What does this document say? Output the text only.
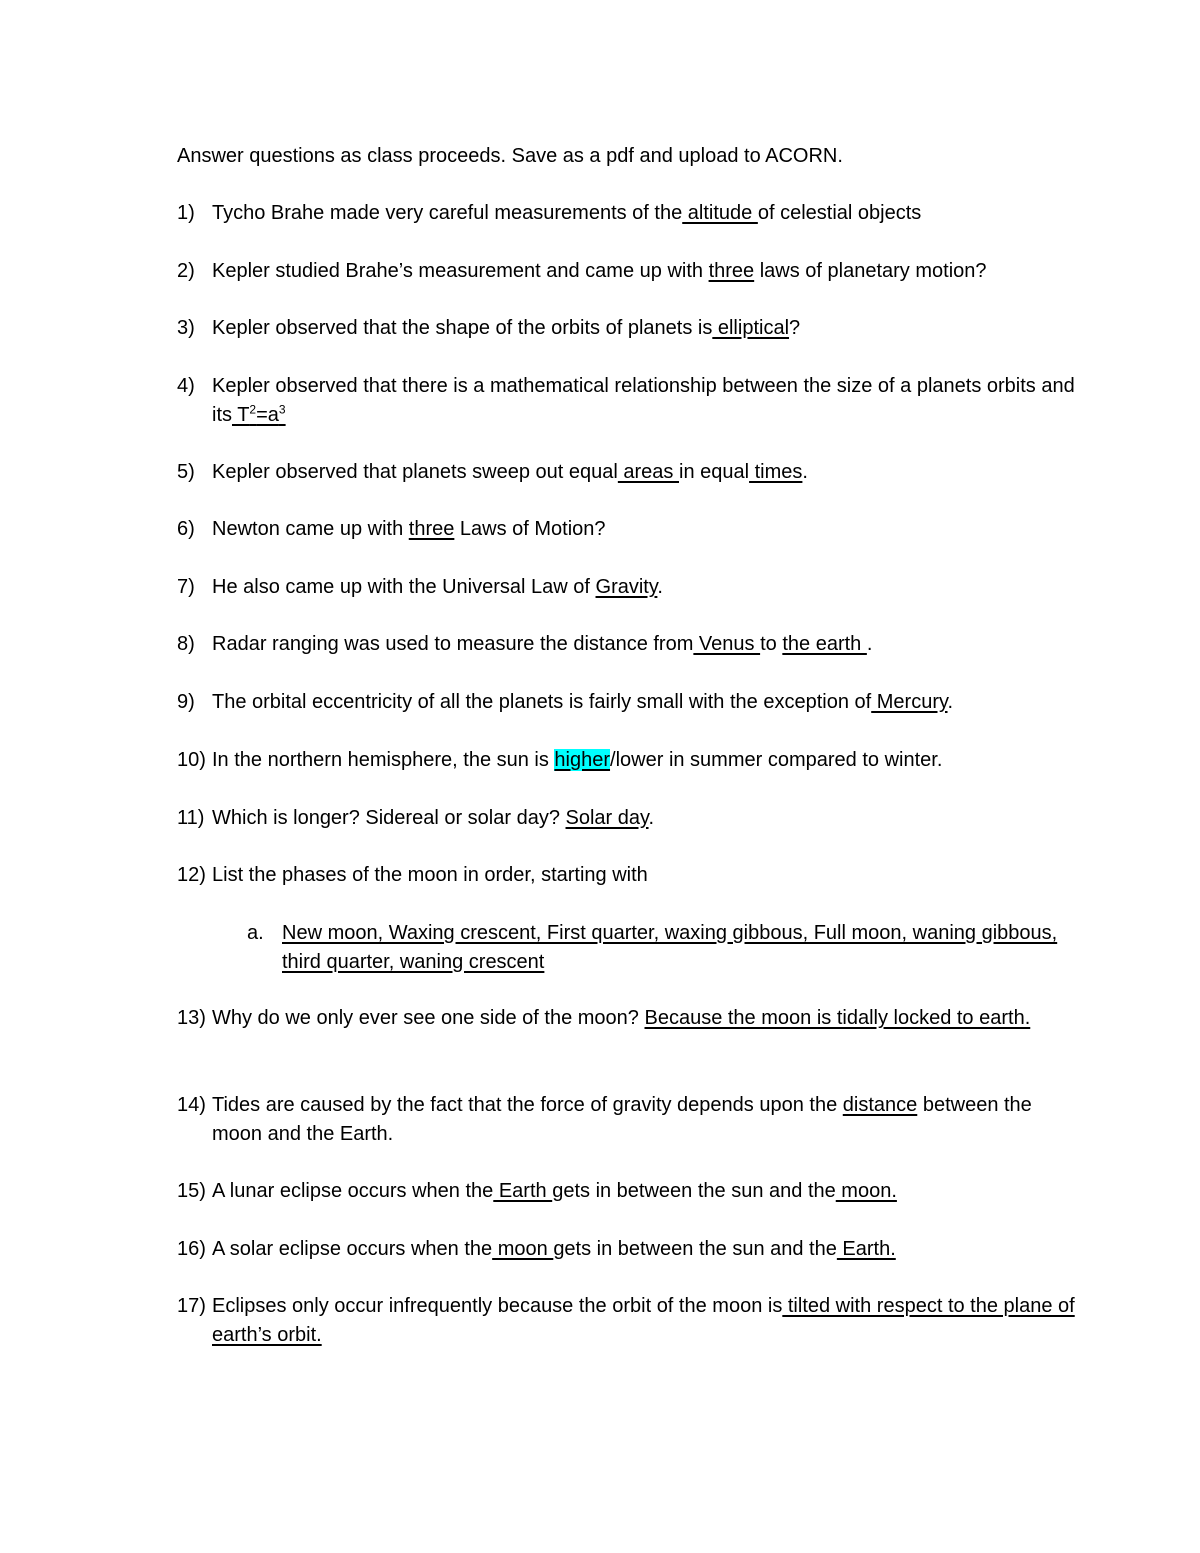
Answer questions as class proceeds. Save as a pdf and upload to ACORN.
1) Tycho Brahe made very careful measurements of the altitude of celestial objects
2) Kepler studied Brahe’s measurement and came up with three laws of planetary motion?
3) Kepler observed that the shape of the orbits of planets is elliptical?
4) Kepler observed that there is a mathematical relationship between the size of a planets orbits and its $T^2=a^3$
5) Kepler observed that planets sweep out equal areas in equal times.
6) Newton came up with three Laws of Motion?
7) He also came up with the Universal Law of Gravity.
8) Radar ranging was used to measure the distance from Venus to the earth .
9) The orbital eccentricity of all the planets is fairly small with the exception of Mercury.
10) In the northern hemisphere, the sun is higher/lower in summer compared to winter.
11) Which is longer? Sidereal or solar day? Solar day.
12) List the phases of the moon in order, starting with
a. New moon, Waxing crescent, First quarter, waxing gibbous, Full moon, waning gibbous, third quarter, waning crescent
13) Why do we only ever see one side of the moon? Because the moon is tidally locked to earth.
14) Tides are caused by the fact that the force of gravity depends upon the distance between the moon and the Earth.
15) A lunar eclipse occurs when the Earth gets in between the sun and the moon.
16) A solar eclipse occurs when the moon gets in between the sun and the Earth.
17) Eclipses only occur infrequently because the orbit of the moon is tilted with respect to the plane of earth’s orbit.
